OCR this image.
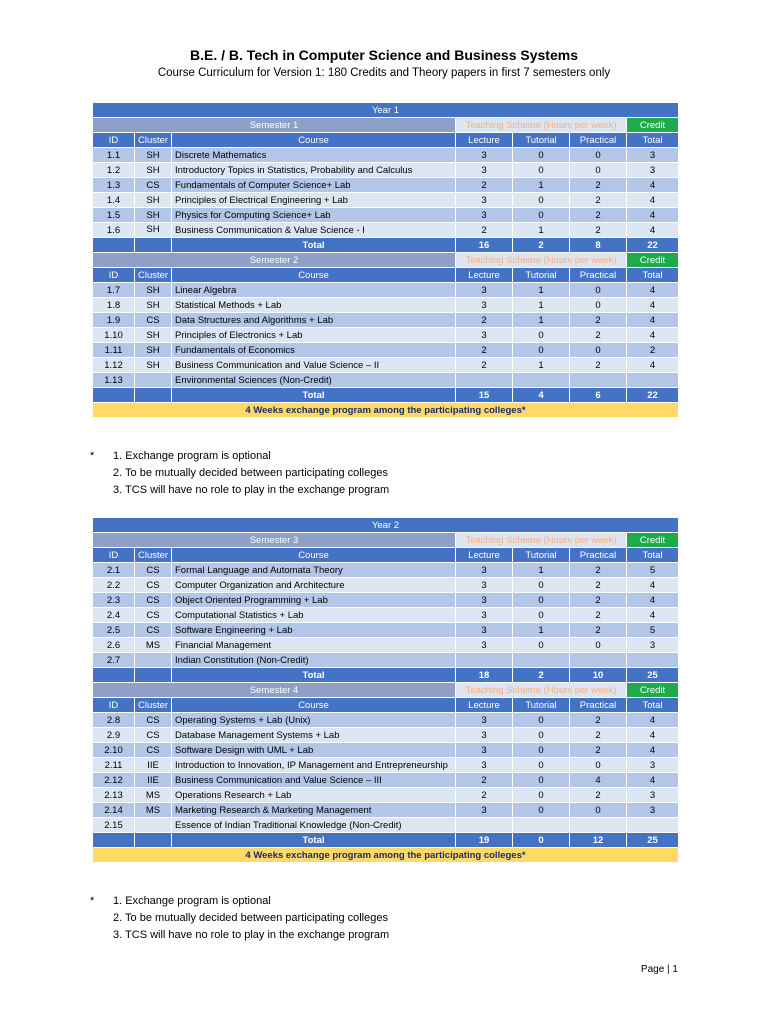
B.E. / B. Tech in Computer Science and Business Systems
Course Curriculum for Version 1: 180 Credits and Theory papers in first 7 semesters only
Year 1						
Semester 1			Teaching Scheme (Hours per week)			Credit
ID	Cluster	Course	Lecture	Tutorial	Practical	Total
1.1	SH	Discrete Mathematics	3	0	0	3
1.2	SH	Introductory Topics in Statistics, Probability and Calculus	3	0	0	3
1.3	CS	Fundamentals of Computer Science+ Lab	2	1	2	4
1.4	SH	Principles of Electrical Engineering + Lab	3	0	2	4
1.5	SH	Physics for Computing Science+ Lab	3	0	2	4
1.6	SH	Business Communication & Value Science - I	2	1	2	4
		Total	16	2	8	22
Semester 2			Teaching Scheme (Hours per week)			Credit
ID	Cluster	Course	Lecture	Tutorial	Practical	Total
1.7	SH	Linear Algebra	3	1	0	4
1.8	SH	Statistical Methods + Lab	3	1	0	4
1.9	CS	Data Structures and Algorithms + Lab	2	1	2	4
1.10	SH	Principles of Electronics + Lab	3	0	2	4
1.11	SH	Fundamentals of Economics	2	0	0	2
1.12	SH	Business Communication and Value Science – II	2	1	2	4
1.13		Environmental Sciences (Non-Credit)				
		Total	15	4	6	22
4 Weeks exchange program among the participating colleges*						
*	1. Exchange program is optional
2. To be mutually decided between participating colleges
3. TCS will have no role to play in the exchange program
Year 2						
Semester 3			Teaching Scheme (Hours per week)			Credit
ID	Cluster	Course	Lecture	Tutorial	Practical	Total
2.1	CS	Formal Language and Automata Theory	3	1	2	5
2.2	CS	Computer Organization and Architecture	3	0	2	4
2.3	CS	Object Oriented Programming + Lab	3	0	2	4
2.4	CS	Computational Statistics + Lab	3	0	2	4
2.5	CS	Software Engineering + Lab	3	1	2	5
2.6	MS	Financial Management	3	0	0	3
2.7		Indian Constitution (Non-Credit)				
		Total	18	2	10	25
Semester 4			Teaching Scheme (Hours per week)			Credit
ID	Cluster	Course	Lecture	Tutorial	Practical	Total
2.8	CS	Operating Systems + Lab (Unix)	3	0	2	4
2.9	CS	Database Management Systems + Lab	3	0	2	4
2.10	CS	Software Design with UML + Lab	3	0	2	4
2.11	IIE	Introduction to Innovation, IP Management and Entrepreneurship	3	0	0	3
2.12	IIE	Business Communication and Value Science – III	2	0	4	4
2.13	MS	Operations Research + Lab	2	0	2	3
2.14	MS	Marketing Research & Marketing Management	3	0	0	3
2.15		Essence of Indian Traditional Knowledge (Non-Credit)				
		Total	19	0	12	25
4 Weeks exchange program among the participating colleges*						
*	1. Exchange program is optional
2. To be mutually decided between participating colleges
3. TCS will have no role to play in the exchange program
Page | 1
